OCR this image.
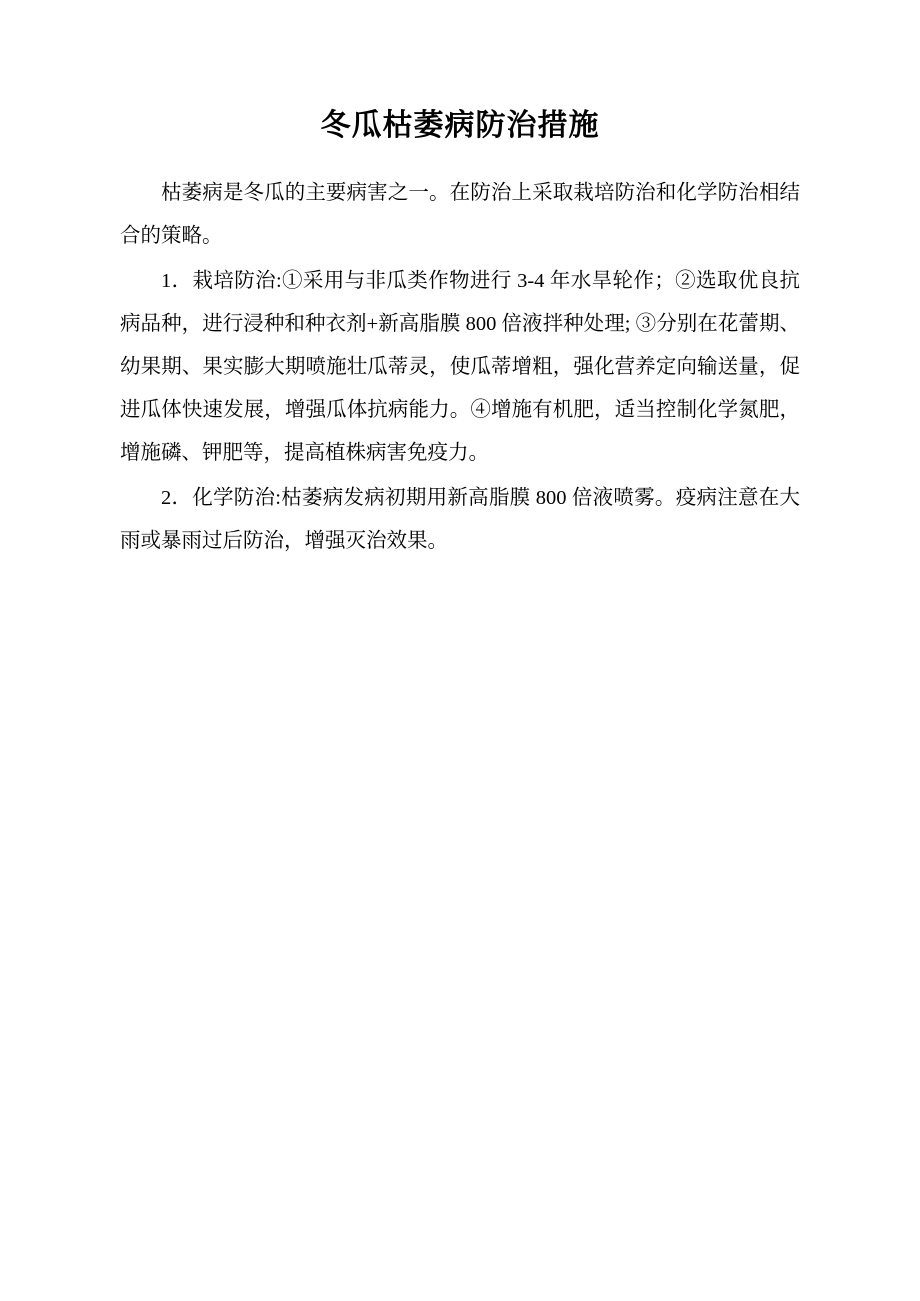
冬瓜枯萎病防治措施

枯萎病是冬瓜的主要病害之一。在防治上采取栽培防治和化学防治相结合的策略。

1．栽培防治:①采用与非瓜类作物进行 3-4 年水旱轮作；②选取优良抗病品种，进行浸种和种衣剂+新高脂膜 800 倍液拌种处理; ③分别在花蕾期、幼果期、果实膨大期喷施壮瓜蒂灵，使瓜蒂增粗，强化营养定向输送量，促进瓜体快速发展，增强瓜体抗病能力。④增施有机肥，适当控制化学氮肥，增施磷、钾肥等，提高植株病害免疫力。

2．化学防治:枯萎病发病初期用新高脂膜 800 倍液喷雾。疫病注意在大雨或暴雨过后防治，增强灭治效果。
